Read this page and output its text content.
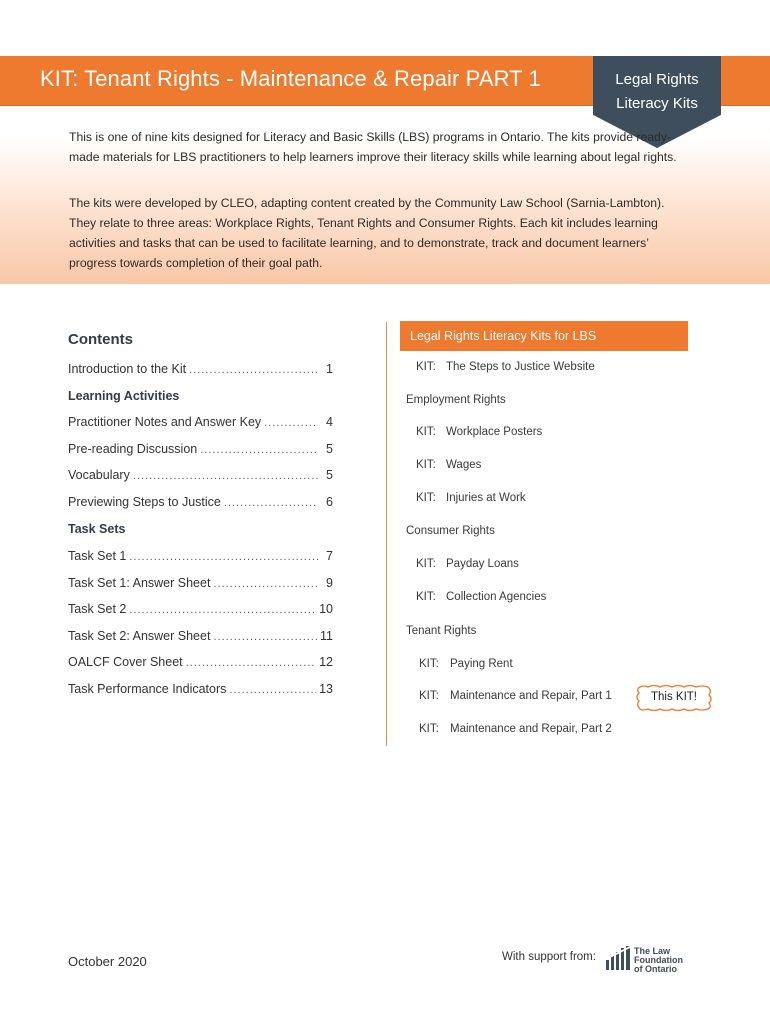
KIT: Tenant Rights - Maintenance & Repair PART 1	Legal Rights
Literacy Kits

This is one of nine kits designed for Literacy and Basic Skills (LBS) programs in Ontario. The kits provide ready-made materials for LBS practitioners to help learners improve their literacy skills while learning about legal rights.

The kits were developed by CLEO, adapting content created by the Community Law School (Sarnia-Lambton). They relate to three areas: Workplace Rights, Tenant Rights and Consumer Rights. Each kit includes learning activities and tasks that can be used to facilitate learning, and to demonstrate, track and document learners’ progress towards completion of their goal path.

Contents
Introduction to the Kit .....	1
Learning Activities
Practitioner Notes and Answer Key .....	4
Pre-reading Discussion .....	5
Vocabulary .....	5
Previewing Steps to Justice .....	6
Task Sets
Task Set 1 .....	7
Task Set 1: Answer Sheet .....	9
Task Set 2 .....	10
Task Set 2: Answer Sheet .....	11
OALCF Cover Sheet .....	12
Task Performance Indicators .....	13
Legal Rights Literacy Kits for LBS
KIT: The Steps to Justice Website
Employment Rights
KIT: Workplace Posters
KIT: Wages
KIT: Injuries at Work
Consumer Rights
KIT: Payday Loans
KIT: Collection Agencies
Tenant Rights
KIT: Paying Rent
KIT: Maintenance and Repair, Part 1
KIT: Maintenance and Repair, Part 2
This KIT!
October 2020	With support from:	The Law
Foundation
of Ontario
